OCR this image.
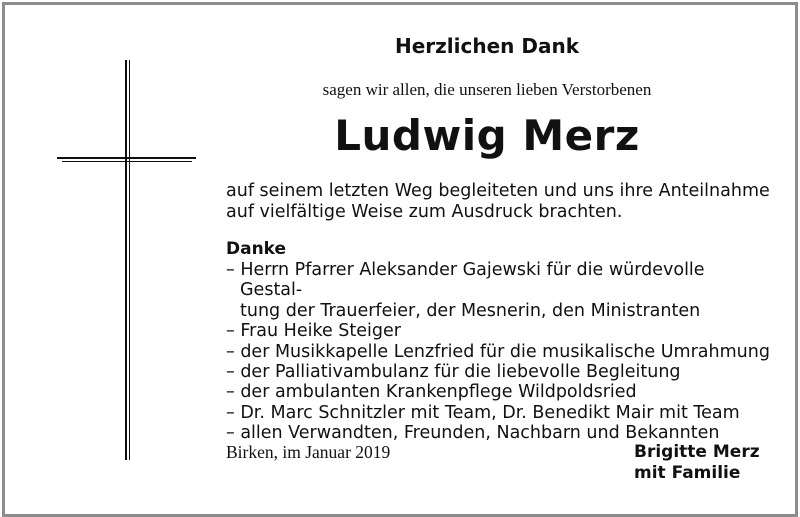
Herzlichen Dank
sagen wir allen, die unseren lieben Verstorbenen
Ludwig Merz
auf seinem letzten Weg begleiteten und uns ihre Anteilnahme
auf vielfältige Weise zum Ausdruck brachten.
Danke
– Herrn Pfarrer Aleksander Gajewski für die würdevolle Gestal-
tung der Trauerfeier, der Mesnerin, den Ministranten
– Frau Heike Steiger
– der Musikkapelle Lenzfried für die musikalische Umrahmung
– der Palliativambulanz für die liebevolle Begleitung
– der ambulanten Krankenpflege Wildpoldsried
– Dr. Marc Schnitzler mit Team, Dr. Benedikt Mair mit Team
– allen Verwandten, Freunden, Nachbarn und Bekannten
Birken, im Januar 2019	Brigitte Merz
mit Familie
